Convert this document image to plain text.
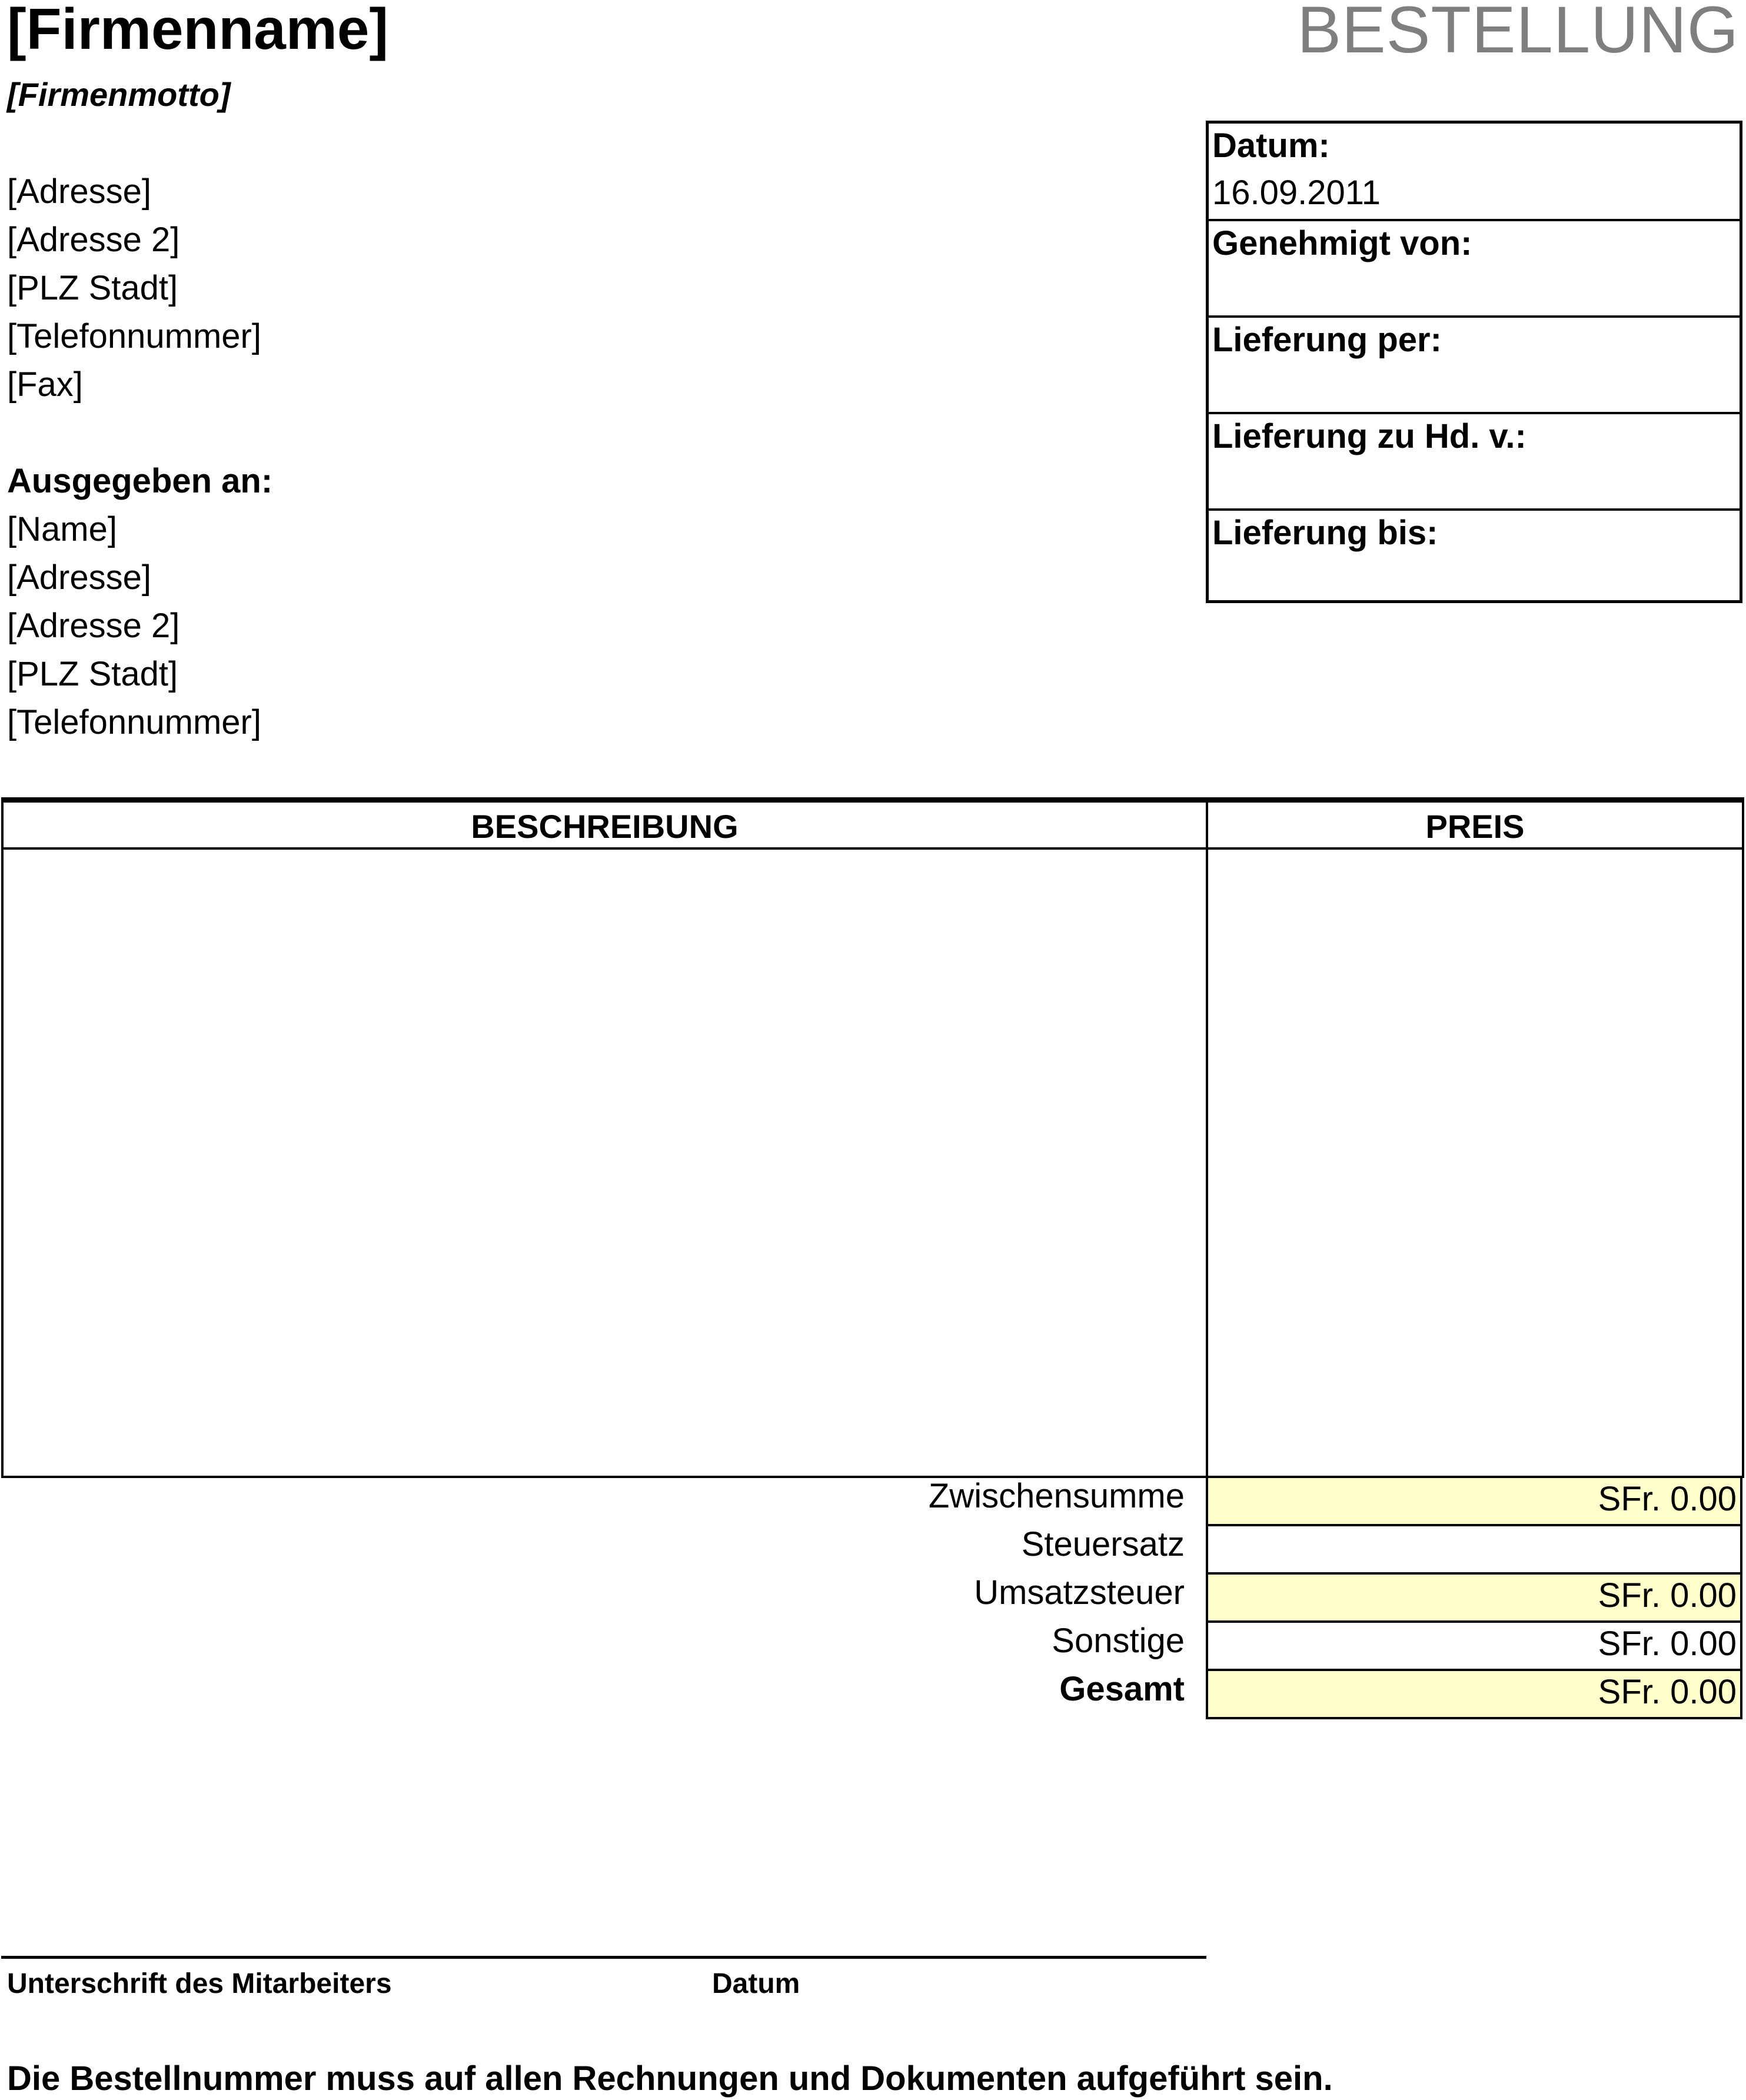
[Firmenname]	BESTELLUNG
[Firmenmotto]
[Adresse]
[Adresse 2]
[PLZ Stadt]
[Telefonnummer]
[Fax]
Ausgegeben an:
[Name]
[Adresse]
[Adresse 2]
[PLZ Stadt]
[Telefonnummer]
Datum:
16.09.2011
Genehmigt von:
Lieferung per:
Lieferung zu Hd. v.:
Lieferung bis:
BESCHREIBUNG	PREIS
Zwischensumme	SFr. 0.00
Steuersatz
Umsatzsteuer	SFr. 0.00
Sonstige	SFr. 0.00
Gesamt	SFr. 0.00
Unterschrift des Mitarbeiters	Datum
Die Bestellnummer muss auf allen Rechnungen und Dokumenten aufgeführt sein.
